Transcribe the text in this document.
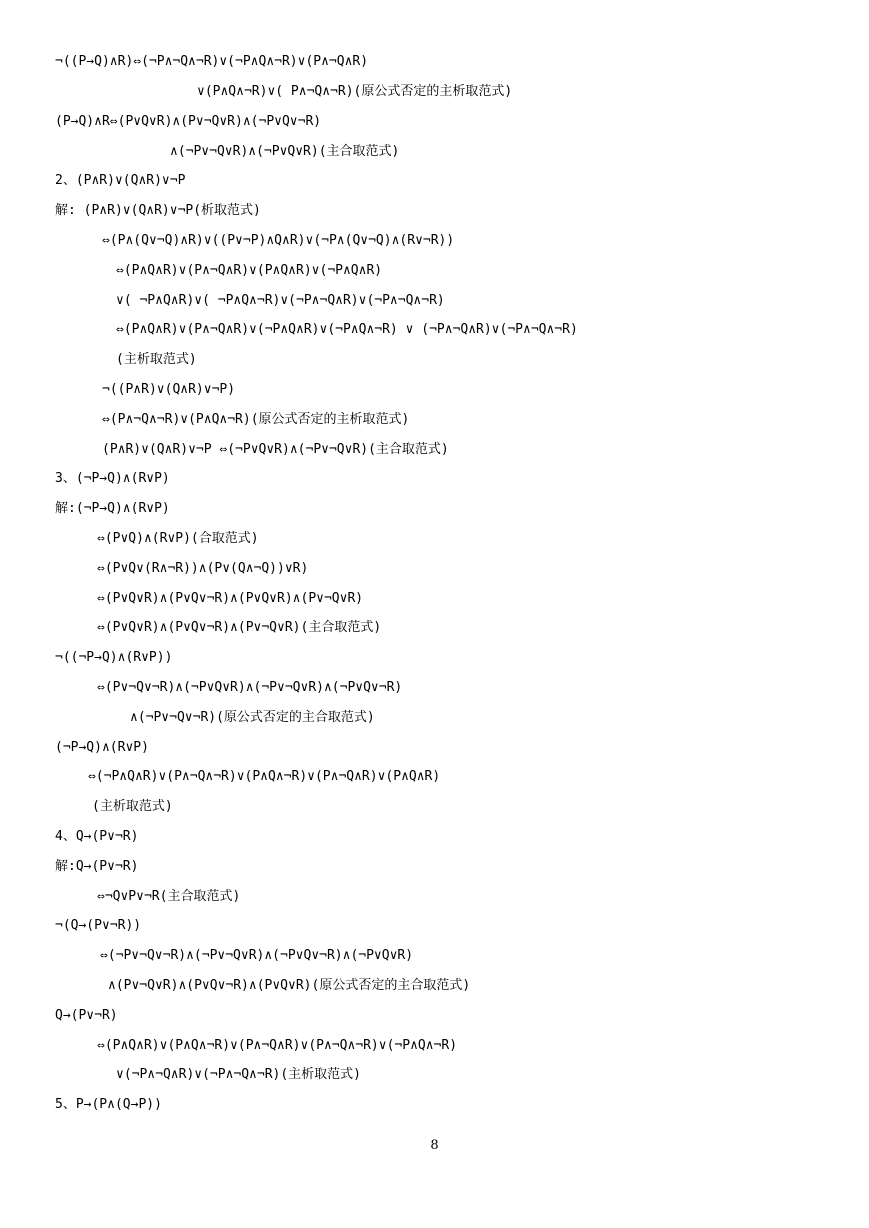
¬((P→Q)∧R)⇔(¬P∧¬Q∧¬R)∨(¬P∧Q∧¬R)∨(P∧¬Q∧R)
∨(P∧Q∧¬R)∨( P∧¬Q∧¬R)(原公式否定的主析取范式)
(P→Q)∧R⇔(P∨Q∨R)∧(P∨¬Q∨R)∧(¬P∨Q∨¬R)
∧(¬P∨¬Q∨R)∧(¬P∨Q∨R)(主合取范式)
2、(P∧R)∨(Q∧R)∨¬P
解: (P∧R)∨(Q∧R)∨¬P(析取范式)
⇔(P∧(Q∨¬Q)∧R)∨((P∨¬P)∧Q∧R)∨(¬P∧(Q∨¬Q)∧(R∨¬R))
⇔(P∧Q∧R)∨(P∧¬Q∧R)∨(P∧Q∧R)∨(¬P∧Q∧R)
∨( ¬P∧Q∧R)∨( ¬P∧Q∧¬R)∨(¬P∧¬Q∧R)∨(¬P∧¬Q∧¬R)
⇔(P∧Q∧R)∨(P∧¬Q∧R)∨(¬P∧Q∧R)∨(¬P∧Q∧¬R) ∨ (¬P∧¬Q∧R)∨(¬P∧¬Q∧¬R)
(主析取范式)
¬((P∧R)∨(Q∧R)∨¬P)
⇔(P∧¬Q∧¬R)∨(P∧Q∧¬R)(原公式否定的主析取范式)
(P∧R)∨(Q∧R)∨¬P ⇔(¬P∨Q∨R)∧(¬P∨¬Q∨R)(主合取范式)
3、(¬P→Q)∧(R∨P)
解:(¬P→Q)∧(R∨P)
⇔(P∨Q)∧(R∨P)(合取范式)
⇔(P∨Q∨(R∧¬R))∧(P∨(Q∧¬Q))∨R)
⇔(P∨Q∨R)∧(P∨Q∨¬R)∧(P∨Q∨R)∧(P∨¬Q∨R)
⇔(P∨Q∨R)∧(P∨Q∨¬R)∧(P∨¬Q∨R)(主合取范式)
¬((¬P→Q)∧(R∨P))
⇔(P∨¬Q∨¬R)∧(¬P∨Q∨R)∧(¬P∨¬Q∨R)∧(¬P∨Q∨¬R)
∧(¬P∨¬Q∨¬R)(原公式否定的主合取范式)
(¬P→Q)∧(R∨P)
⇔(¬P∧Q∧R)∨(P∧¬Q∧¬R)∨(P∧Q∧¬R)∨(P∧¬Q∧R)∨(P∧Q∧R)
(主析取范式)
4、Q→(P∨¬R)
解:Q→(P∨¬R)
⇔¬Q∨P∨¬R(主合取范式)
¬(Q→(P∨¬R))
⇔(¬P∨¬Q∨¬R)∧(¬P∨¬Q∨R)∧(¬P∨Q∨¬R)∧(¬P∨Q∨R)
∧(P∨¬Q∨R)∧(P∨Q∨¬R)∧(P∨Q∨R)(原公式否定的主合取范式)
Q→(P∨¬R)
⇔(P∧Q∧R)∨(P∧Q∧¬R)∨(P∧¬Q∧R)∨(P∧¬Q∧¬R)∨(¬P∧Q∧¬R)
∨(¬P∧¬Q∧R)∨(¬P∧¬Q∧¬R)(主析取范式)
5、P→(P∧(Q→P))
8
